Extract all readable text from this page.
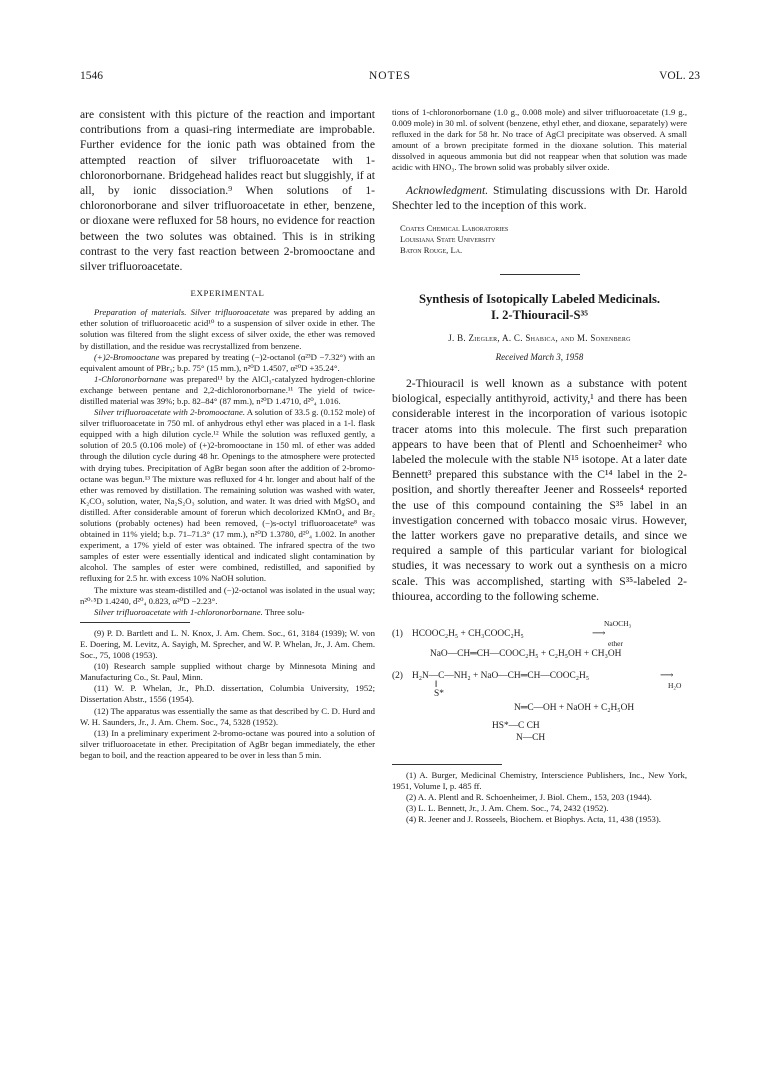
1546	NOTES	VOL. 23

are consistent with this picture of the reaction and important contributions from a quasi-ring intermediate are improbable. Further evidence for the ionic path was obtained from the attempted reaction of silver trifluoroacetate with 1-chloronorbornane. Bridgehead halides react but sluggishly, if at all, by ionic dissociation.⁹ When solutions of 1-chloronorborane and silver trifluoroacetate in ether, benzene, or dioxane were refluxed for 58 hours, no evidence for reaction between the two solutes was obtained. This is in striking contrast to the very fast reaction between 2-bromooctane and silver trifluoroacetate.

EXPERIMENTAL

Preparation of materials. Silver trifluoroacetate was prepared by adding an ether solution of trifluoroacetic acid¹⁰ to a suspension of silver oxide in ether. The solution was filtered from the slight excess of silver oxide, the ether was removed by distillation, and the residue was recrystallized from benzene.

(+)2-Bromooctane was prepared by treating (−)2-octanol (α²³D −7.32°) with an equivalent amount of PBr₃; b.p. 75° (15 mm.), n²⁰D 1.4507, α²⁰D +35.24°.

1-Chloronorbornane was prepared¹¹ by the AlCl₃-catalyzed hydrogen-chlorine exchange between pentane and 2,2-dichloronorbornane.¹¹ The yield of twice-distilled material was 39%; b.p. 82–84° (87 mm.), n²⁰D 1.4710, d²⁰₄ 1.016.

Silver trifluoroacetate with 2-bromooctane. A solution of 33.5 g. (0.152 mole) of silver trifluoroacetate in 750 ml. of anhydrous ethyl ether was placed in a 1-l. flask equipped with a high dilution cycle.¹² While the solution was refluxed gently, a solution of 20.5 (0.106 mole) of (+)2-bromooctane in 150 ml. of ether was added through the dilution cycle during 48 hr. Openings to the atmosphere were protected with drying tubes. Precipitation of AgBr began soon after the addition of 2-bromo-octane was begun.¹³ The mixture was refluxed for 4 hr. longer and about half of the ether was removed by distillation. The remaining solution was washed with water, K₂CO₃ solution, water, Na₂S₂O₃ solution, and water. It was dried with MgSO₄ and distilled. After considerable amount of forerun which decolorized KMnO₄ and Br₂ solutions (probably octenes) had been removed, (−)s-octyl trifluoroacetate⁸ was obtained in 11% yield; b.p. 71–71.3° (17 mm.), n²⁰D 1.3780, d²⁰₄ 1.002. In another experiment, a 17% yield of ester was obtained. The infrared spectra of the two samples of ester were essentially identical and indicated slight contamination by alcohol. The samples of ester were combined, redistilled, and saponified by refluxing for 2.5 hr. with excess 10% NaOH solution.

The mixture was steam-distilled and (−)2-octanol was isolated in the usual way; n²⁰·⁵D 1.4240, d²⁰₄ 0.823, α²⁰D −2.23°.

Silver trifluoroacetate with 1-chloronorbornane. Three solu-

(9) P. D. Bartlett and L. N. Knox, J. Am. Chem. Soc., 61, 3184 (1939); W. von E. Doering, M. Levitz, A. Sayigh, M. Sprecher, and W. P. Whelan, Jr., J. Am. Chem. Soc., 75, 1008 (1953).

(10) Research sample supplied without charge by Minnesota Mining and Manufacturing Co., St. Paul, Minn.

(11) W. P. Whelan, Jr., Ph.D. dissertation, Columbia University, 1952; Dissertation Abstr., 1556 (1954).

(12) The apparatus was essentially the same as that described by C. D. Hurd and W. H. Saunders, Jr., J. Am. Chem. Soc., 74, 5328 (1952).

(13) In a preliminary experiment 2-bromo-octane was poured into a solution of silver trifluoroacetate in ether. Precipitation of AgBr began immediately, the ether began to boil, and the reaction appeared to be over in less than 5 min.

tions of 1-chloronorbornane (1.0 g., 0.008 mole) and silver trifluoroacetate (1.9 g., 0.009 mole) in 30 ml. of solvent (benzene, ethyl ether, and dioxane, separately) were refluxed in the dark for 58 hr. No trace of AgCl precipitate was observed. A small amount of a brown precipitate formed in the dioxane solution. This material dissolved in aqueous ammonia but did not reappear when that solution was made acidic with HNO₃. The brown solid was probably silver oxide.

Acknowledgment. Stimulating discussions with Dr. Harold Shechter led to the inception of this work.

Coates Chemical Laboratories
Louisiana State University
Baton Rouge, La.
Synthesis of Isotopically Labeled Medicinals.
I. 2-Thiouracil-S³⁵
J. B. Ziegler, A. C. Shabica, and M. Sonenberg
Received March 3, 1958

2-Thiouracil is well known as a substance with potent biological, especially antithyroid, activity,¹ and there has been considerable interest in the incorporation of various isotopic tracer atoms into this molecule. The first such preparation appears to have been that of Plentl and Schoenheimer² who labeled the molecule with the stable N¹⁵ isotope. At a later date Bennett³ prepared this substance with the C¹⁴ label in the 2-position, and shortly thereafter Jeener and Rosseels⁴ reported the use of this compound containing the S³⁵ label in an investigation concerned with tobacco mosaic virus. However, the latter workers gave no preparative details, and since we required a sample of this particular variant for biological studies, it was necessary to work out a synthesis on a micro scale. This was accomplished, starting with S³⁵-labeled 2-thiourea, according to the following scheme.

(1) HCOOC₂H₅ + CH₃COOC₂H₅
NaOCH₃
⟶
ether
NaO—CH═CH—COOC₂H₅ + C₂H₅OH + CH₃OH
(2) H₂N—C—NH₂ + NaO—CH═CH—COOC₂H₅	⟶
H₂O
‖
S*
N═C—OH + NaOH + C₂H₅OH
HS*—C CH
N—CH

(1) A. Burger, Medicinal Chemistry, Interscience Publishers, Inc., New York, 1951, Volume I, p. 485 ff.

(2) A. A. Plentl and R. Schoenheimer, J. Biol. Chem., 153, 203 (1944).

(3) L. L. Bennett, Jr., J. Am. Chem. Soc., 74, 2432 (1952).

(4) R. Jeener and J. Rosseels, Biochem. et Biophys. Acta, 11, 438 (1953).
